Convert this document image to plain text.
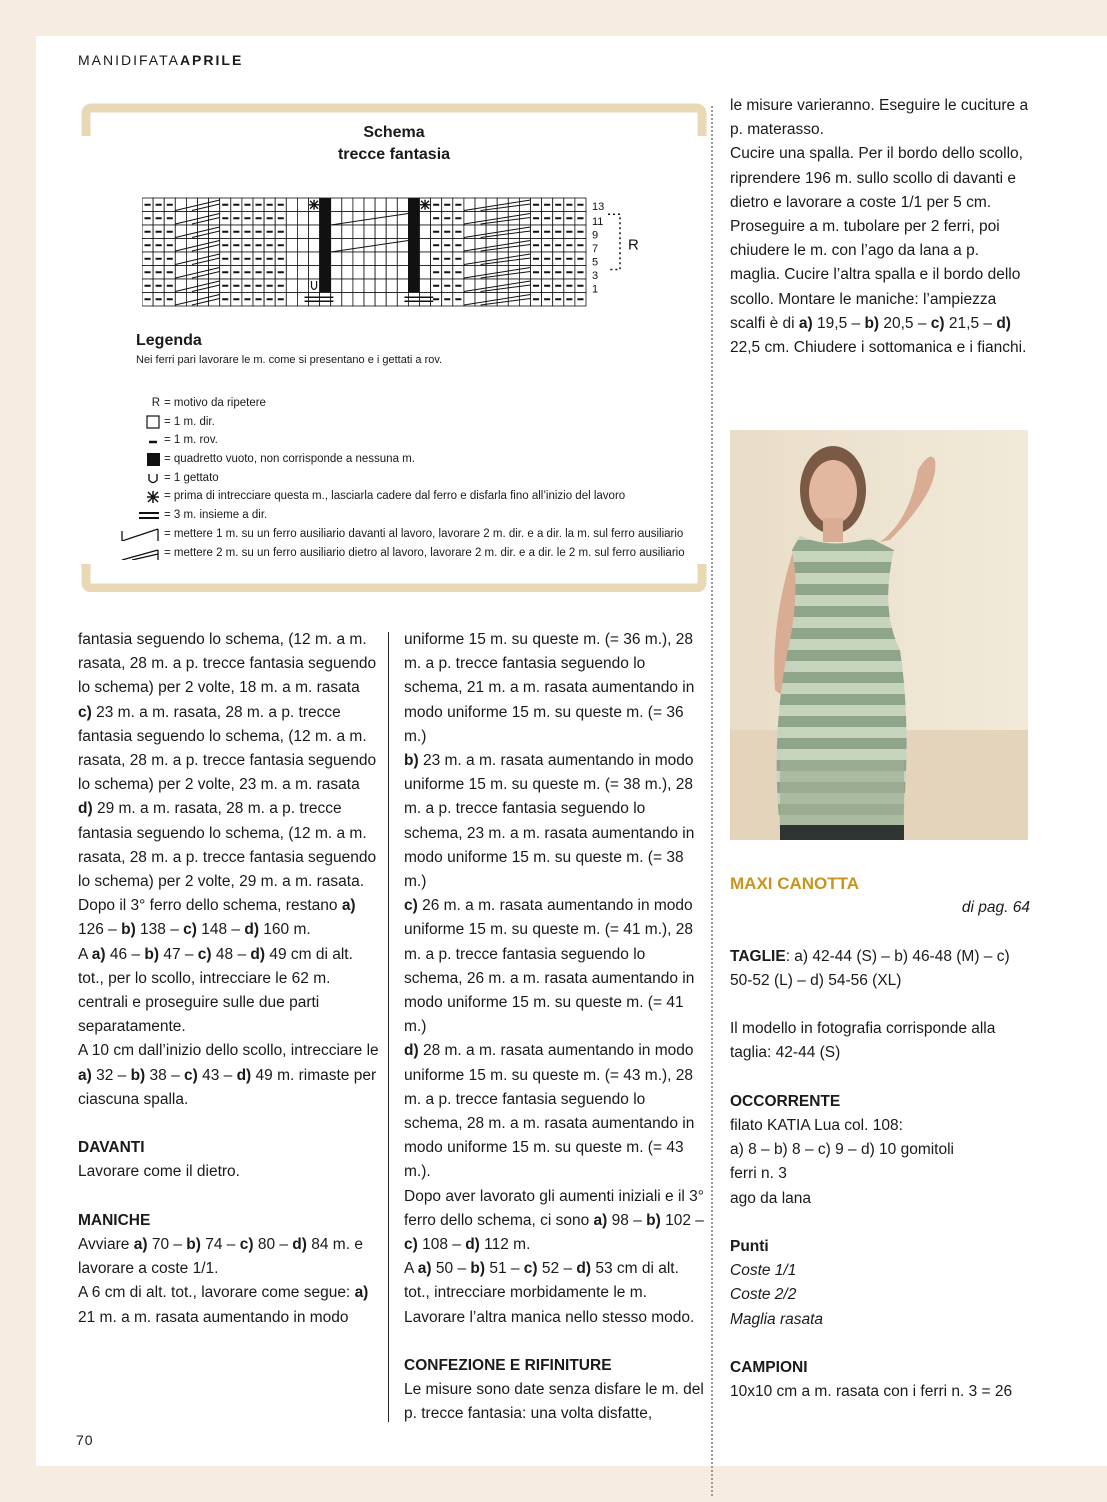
MANIDIFATAAPRILE
Schema
trecce fantasia
13
11
9
7
5
3
1
R
Legenda
Nei ferri pari lavorare le m. come si presentano e i gettati a rov.
R = motivo da ripetere
= 1 m. dir.
= 1 m. rov.
= quadretto vuoto, non corrisponde a nessuna m.
= 1 gettato
= prima di intrecciare questa m., lasciarla cadere dal ferro e disfarla fino all’inizio del lavoro
= 3 m. insieme a dir.
= mettere 1 m. su un ferro ausiliario davanti al lavoro, lavorare 2 m. dir. e a dir. la m. sul ferro ausiliario
= mettere 2 m. su un ferro ausiliario dietro al lavoro, lavorare 2 m. dir. e a dir. le 2 m. sul ferro ausiliario

fantasia seguendo lo schema, (12 m. a m. rasata, 28 m. a p. trecce fantasia seguendo lo schema) per 2 volte, 18 m. a m. rasata

c) 23 m. a m. rasata, 28 m. a p. trecce fantasia seguendo lo schema, (12 m. a m. rasata, 28 m. a p. trecce fantasia seguendo lo schema) per 2 volte, 23 m. a m. rasata

d) 29 m. a m. rasata, 28 m. a p. trecce fantasia seguendo lo schema, (12 m. a m. rasata, 28 m. a p. trecce fantasia seguendo lo schema) per 2 volte, 29 m. a m. rasata.

Dopo il 3° ferro dello schema, restano a) 126 – b) 138 – c) 148 – d) 160 m.

A a) 46 – b) 47 – c) 48 – d) 49 cm di alt. tot., per lo scollo, intrecciare le 62 m. centrali e proseguire sulle due parti separatamente.

A 10 cm dall’inizio dello scollo, intrecciare le a) 32 – b) 38 – c) 43 – d) 49 m. rimaste per ciascuna spalla.

DAVANTI

Lavorare come il dietro.

MANICHE

Avviare a) 70 – b) 74 – c) 80 – d) 84 m. e lavorare a coste 1/1.

A 6 cm di alt. tot., lavorare come segue: a) 21 m. a m. rasata aumentando in modo

uniforme 15 m. su queste m. (= 36 m.), 28 m. a p. trecce fantasia seguendo lo schema, 21 m. a m. rasata aumentando in modo uniforme 15 m. su queste m. (= 36 m.)

b) 23 m. a m. rasata aumentando in modo uniforme 15 m. su queste m. (= 38 m.), 28 m. a p. trecce fantasia seguendo lo schema, 23 m. a m. rasata aumentando in modo uniforme 15 m. su queste m. (= 38 m.)

c) 26 m. a m. rasata aumentando in modo uniforme 15 m. su queste m. (= 41 m.), 28 m. a p. trecce fantasia seguendo lo schema, 26 m. a m. rasata aumentando in modo uniforme 15 m. su queste m. (= 41 m.)

d) 28 m. a m. rasata aumentando in modo uniforme 15 m. su queste m. (= 43 m.), 28 m. a p. trecce fantasia seguendo lo schema, 28 m. a m. rasata aumentando in modo uniforme 15 m. su queste m. (= 43 m.).

Dopo aver lavorato gli aumenti iniziali e il 3° ferro dello schema, ci sono a) 98 – b) 102 – c) 108 – d) 112 m.

A a) 50 – b) 51 – c) 52 – d) 53 cm di alt. tot., intrecciare morbidamente le m.

Lavorare l’altra manica nello stesso modo.

CONFEZIONE E RIFINITURE

Le misure sono date senza disfare le m. del p. trecce fantasia: una volta disfatte,

le misure varieranno. Eseguire le cuciture a p. materasso.

Cucire una spalla. Per il bordo dello scollo, riprendere 196 m. sullo scollo di davanti e dietro e lavorare a coste 1/1 per 5 cm. Proseguire a m. tubolare per 2 ferri, poi chiudere le m. con l’ago da lana a p. maglia. Cucire l’altra spalla e il bordo dello scollo. Montare le maniche: l’ampiezza scalfi è di a) 19,5 – b) 20,5 – c) 21,5 – d) 22,5 cm. Chiudere i sottomanica e i fianchi.

MAXI CANOTTA

di pag. 64

TAGLIE: a) 42-44 (S) – b) 46-48 (M) – c) 50-52 (L) – d) 54-56 (XL)

Il modello in fotografia corrisponde alla taglia: 42-44 (S)

OCCORRENTE

filato KATIA Lua col. 108:

a) 8 – b) 8 – c) 9 – d) 10 gomitoli

ferri n. 3

ago da lana

Punti

Coste 1/1

Coste 2/2

Maglia rasata

CAMPIONI

10x10 cm a m. rasata con i ferri n. 3 = 26

70
